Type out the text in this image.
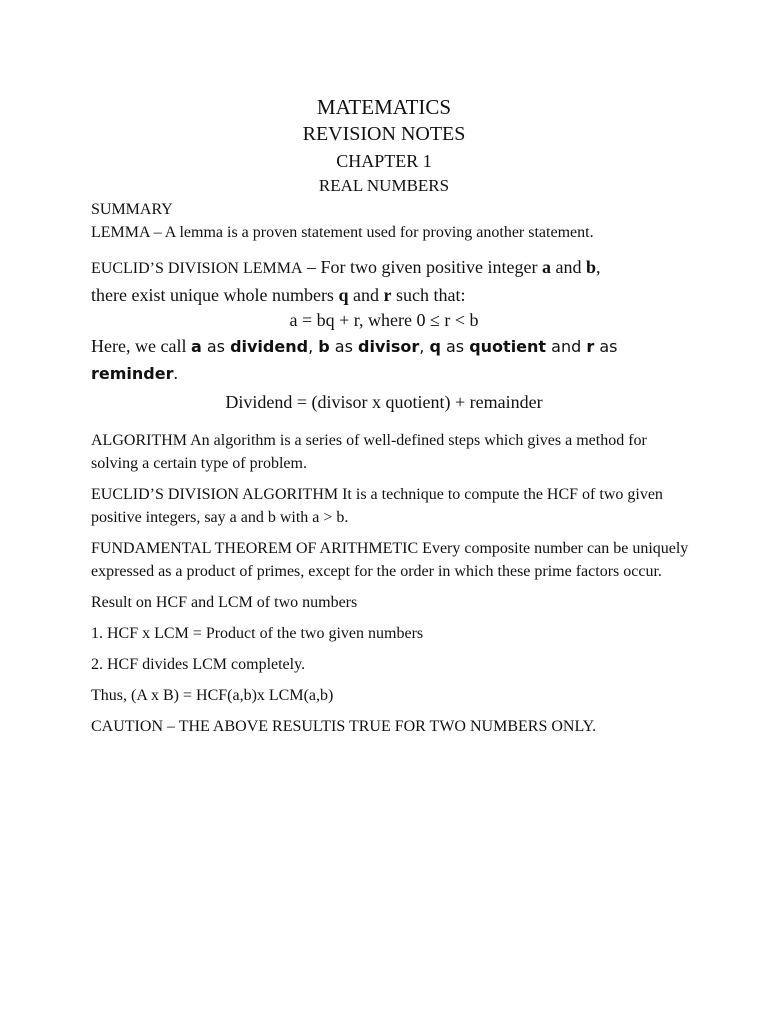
MATEMATICS
REVISION NOTES
CHAPTER 1
REAL NUMBERS

SUMMARY

LEMMA – A lemma is a proven statement used for proving another statement.

EUCLID’S DIVISION LEMMA – For two given positive integer a and b,
there exist unique whole numbers q and r such that:
a = bq + r, where 0 ≤ r < b
Here, we call a as dividend, b as divisor, q as quotient and r as
reminder.
Dividend = (divisor x quotient) + remainder

ALGORITHM An algorithm is a series of well-defined steps which gives a method for solving a certain type of problem.

EUCLID’S DIVISION ALGORITHM It is a technique to compute the HCF of two given positive integers, say a and b with a > b.

FUNDAMENTAL THEOREM OF ARITHMETIC Every composite number can be uniquely expressed as a product of primes, except for the order in which these prime factors occur.

Result on HCF and LCM of two numbers

1. HCF x LCM = Product of the two given numbers

2. HCF divides LCM completely.

Thus, (A x B) = HCF(a,b)x LCM(a,b)

CAUTION – THE ABOVE RESULTIS TRUE FOR TWO NUMBERS ONLY.
